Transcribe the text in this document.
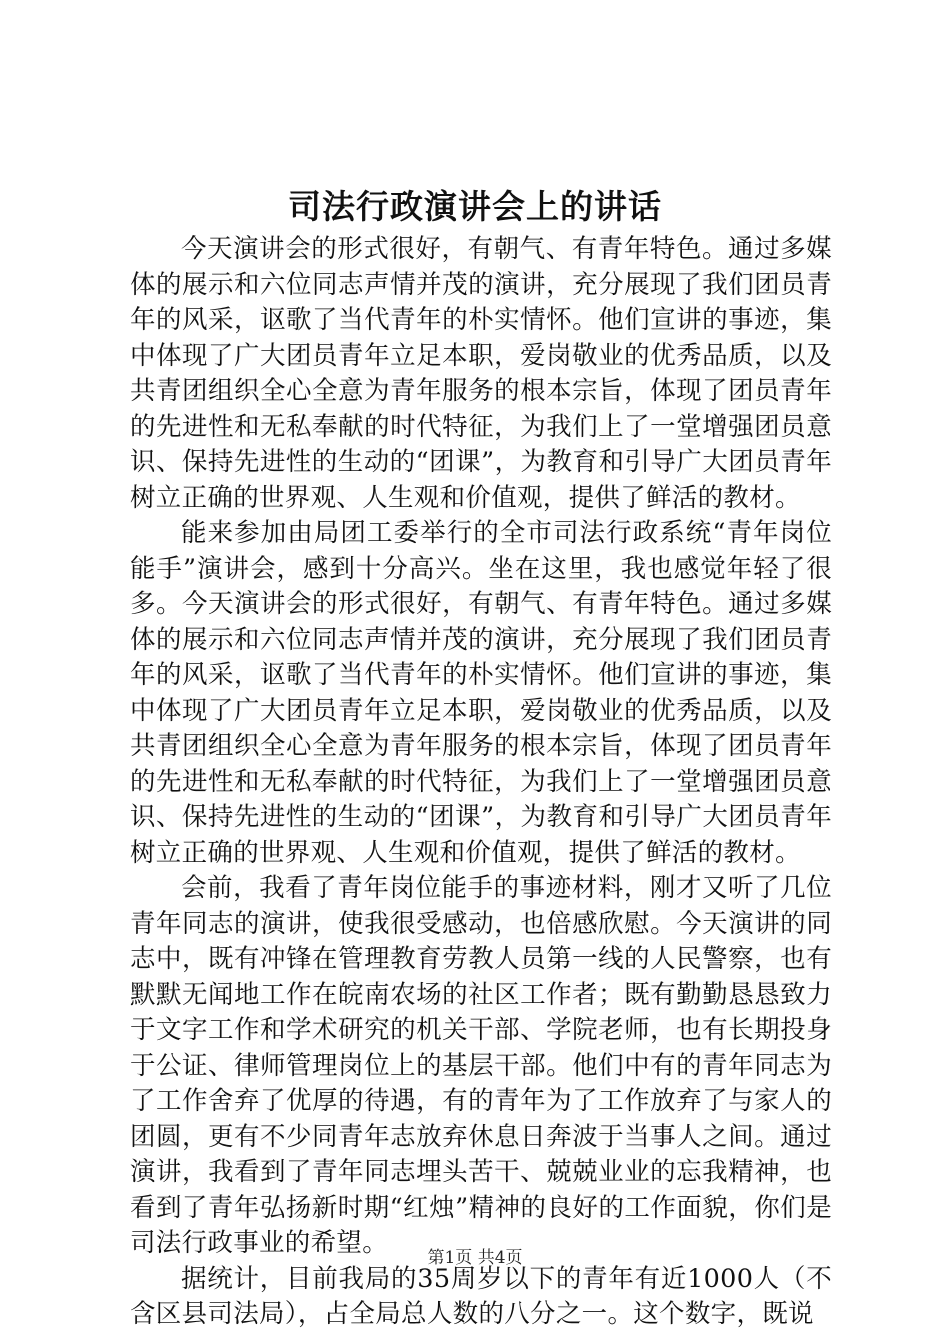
司法行政演讲会上的讲话

今天演讲会的形式很好，有朝气、有青年特色。通过多媒体的展示和六位同志声情并茂的演讲，充分展现了我们团员青年的风采，讴歌了当代青年的朴实情怀。他们宣讲的事迹，集中体现了广大团员青年立足本职，爱岗敬业的优秀品质，以及共青团组织全心全意为青年服务的根本宗旨，体现了团员青年的先进性和无私奉献的时代特征，为我们上了一堂增强团员意识、保持先进性的生动的“团课”，为教育和引导广大团员青年树立正确的世界观、人生观和价值观，提供了鲜活的教材。

能来参加由局团工委举行的全市司法行政系统“青年岗位能手”演讲会，感到十分高兴。坐在这里，我也感觉年轻了很多。今天演讲会的形式很好，有朝气、有青年特色。通过多媒体的展示和六位同志声情并茂的演讲，充分展现了我们团员青年的风采，讴歌了当代青年的朴实情怀。他们宣讲的事迹，集中体现了广大团员青年立足本职，爱岗敬业的优秀品质，以及共青团组织全心全意为青年服务的根本宗旨，体现了团员青年的先进性和无私奉献的时代特征，为我们上了一堂增强团员意识、保持先进性的生动的“团课”，为教育和引导广大团员青年树立正确的世界观、人生观和价值观，提供了鲜活的教材。

会前，我看了青年岗位能手的事迹材料，刚才又听了几位青年同志的演讲，使我很受感动，也倍感欣慰。今天演讲的同志中，既有冲锋在管理教育劳教人员第一线的人民警察，也有默默无闻地工作在皖南农场的社区工作者；既有勤勤恳恳致力于文字工作和学术研究的机关干部、学院老师，也有长期投身于公证、律师管理岗位上的基层干部。他们中有的青年同志为了工作舍弃了优厚的待遇，有的青年为了工作放弃了与家人的团圆，更有不少同青年志放弃休息日奔波于当事人之间。通过演讲，我看到了青年同志埋头苦干、兢兢业业的忘我精神，也看到了青年弘扬新时期“红烛”精神的良好的工作面貌，你们是司法行政事业的希望。

据统计，目前我局的35周岁以下的青年有近1000人（不含区县司法局），占全局总人数的八分之一。这个数字，既说

第1页 共4页
